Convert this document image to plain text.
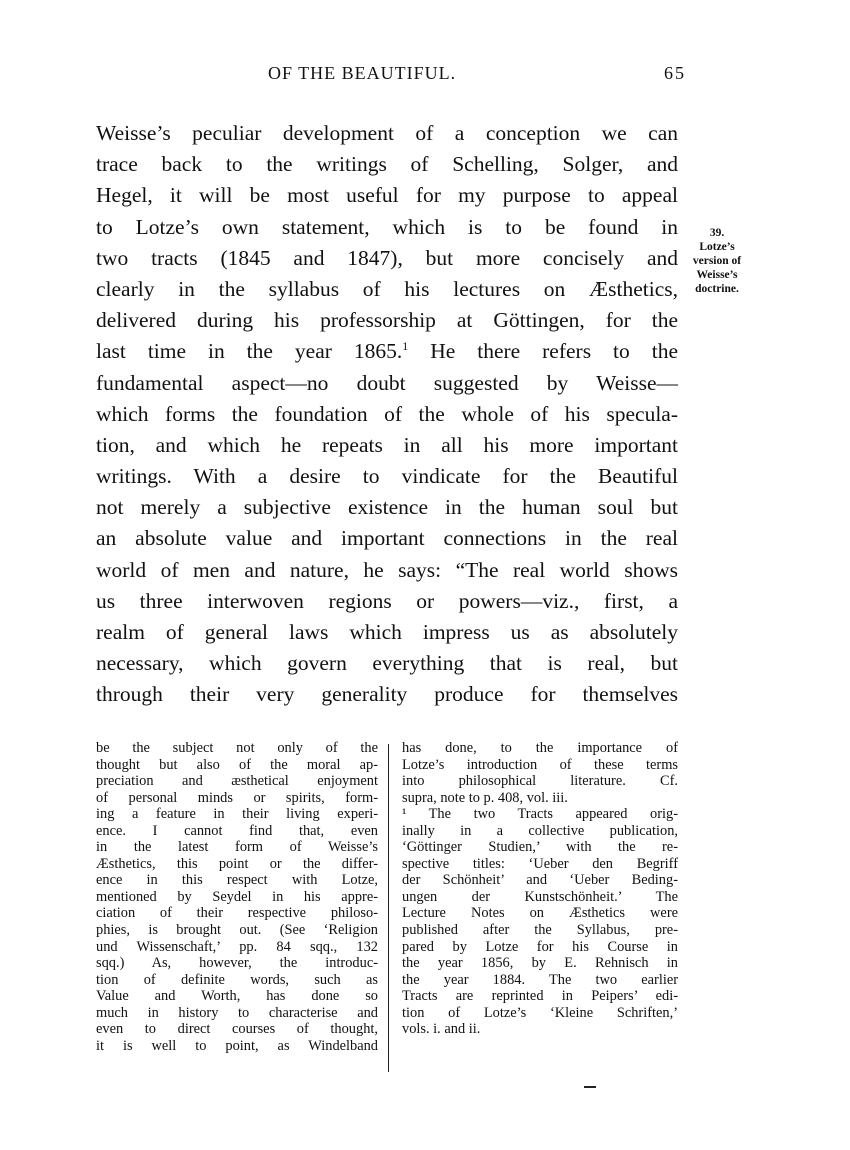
OF THE BEAUTIFUL.	65
Weisse’s peculiar development of a conception we can
trace back to the writings of Schelling, Solger, and
Hegel, it will be most useful for my purpose to appeal
to Lotze’s own statement, which is to be found in
two tracts (1845 and 1847), but more concisely and
clearly in the syllabus of his lectures on Æsthetics,
delivered during his professorship at Göttingen, for the
last time in the year 1865.$^1$ He there refers to the
fundamental aspect—no doubt suggested by Weisse—
which forms the foundation of the whole of his specula-
tion, and which he repeats in all his more important
writings. With a desire to vindicate for the Beautiful
not merely a subjective existence in the human soul but
an absolute value and important connections in the real
world of men and nature, he says: “The real world shows
us three interwoven regions or powers—viz., first, a
realm of general laws which impress us as absolutely
necessary, which govern everything that is real, but
through their very generality produce for themselves
39.
Lotze’s
version of
Weisse’s
doctrine.
be the subject not only of the
thought but also of the moral ap-
preciation and æsthetical enjoyment
of personal minds or spirits, form-
ing a feature in their living experi-
ence. I cannot find that, even
in the latest form of Weisse’s
Æsthetics, this point or the differ-
ence in this respect with Lotze,
mentioned by Seydel in his appre-
ciation of their respective philoso-
phies, is brought out. (See ‘Religion
und Wissenschaft,’ pp. 84 sqq., 132
sqq.) As, however, the introduc-
tion of definite words, such as
Value and Worth, has done so
much in history to characterise and
even to direct courses of thought,
it is well to point, as Windelband
has done, to the importance of
Lotze’s introduction of these terms
into philosophical literature. Cf.
supra, note to p. 408, vol. iii.
¹ The two Tracts appeared orig-
inally in a collective publication,
‘Göttinger Studien,’ with the re-
spective titles: ‘Ueber den Begriff
der Schönheit’ and ‘Ueber Beding-
ungen der Kunstschönheit.’ The
Lecture Notes on Æsthetics were
published after the Syllabus, pre-
pared by Lotze for his Course in
the year 1856, by E. Rehnisch in
the year 1884. The two earlier
Tracts are reprinted in Peipers’ edi-
tion of Lotze’s ‘Kleine Schriften,’
vols. i. and ii.
